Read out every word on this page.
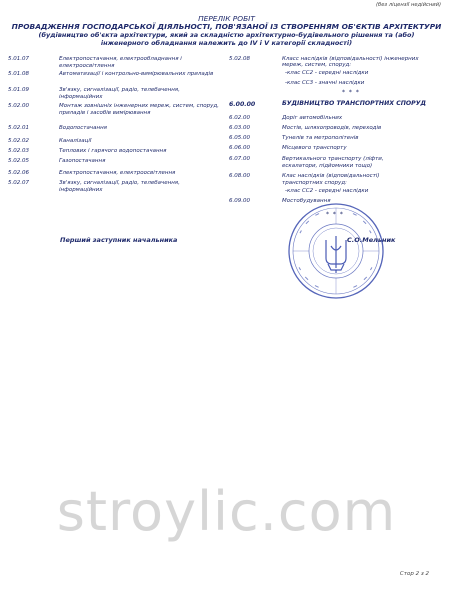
(без ліцензії недійсний)
ПЕРЕЛІК РОБІТ
ПРОВАДЖЕННЯ ГОСПОДАРСЬКОЇ ДІЯЛЬНОСТІ, ПОВ'ЯЗАНОЇ ІЗ СТВОРЕННЯМ ОБ'ЄКТІВ АРХІТЕКТУРИ
(будівництво об'єкта архітектури, який за складністю архітектурно-будівельного рішення та (або)
інженерного обладнання належить до IV і V категорії складності)
5.01.07	Електропостачання, електрообладнання і електроосвітлення
5.01.08	Автоматизації і контрольно-вимірювальних приладів
5.01.09	Зв'язку, сигналізації, радіо, телебачення, інформаційних
5.02.00	Монтаж зовнішніх інженерних мереж, систем, споруд, приладів і засобів вимірювання
5.02.01	Водопостачання
5.02.02	Каналізації
5.02.03	Теплових і гарячого водопостачання
5.02.05	Газопостачання
5.02.06	Електропостачання, електроосвітлення
5.02.07	Зв'язку, сигналізації, радіо, телебачення, інформаційних
5.02.08	Класс наслідків (відповідальності) інженерних
мереж, систем, споруд:
-клас СС2 - середні наслідки
-клас СС3 - значні наслідки
* * *
6.00.00	БУДІВНИЦТВО ТРАНСПОРТНИХ СПОРУД
6.02.00	Доріг автомобільних
6.03.00	Мостів, шляхопроводів, переходів
6.05.00	Тунелів та метрополітенів
6.06.00	Місцевого транспорту
6.07.00	Вертикального транспорту (ліфти, ескалатори, підйомники тощо)
6.08.00	Клас наслідків (відповідальності) транспортних споруд:
-клас СС2 - середні наслідки
6.09.00	Мостобудування
* * *
Перший заступник начальника	С.О.Мельник
stroylic.com
Стор 2 з 2
